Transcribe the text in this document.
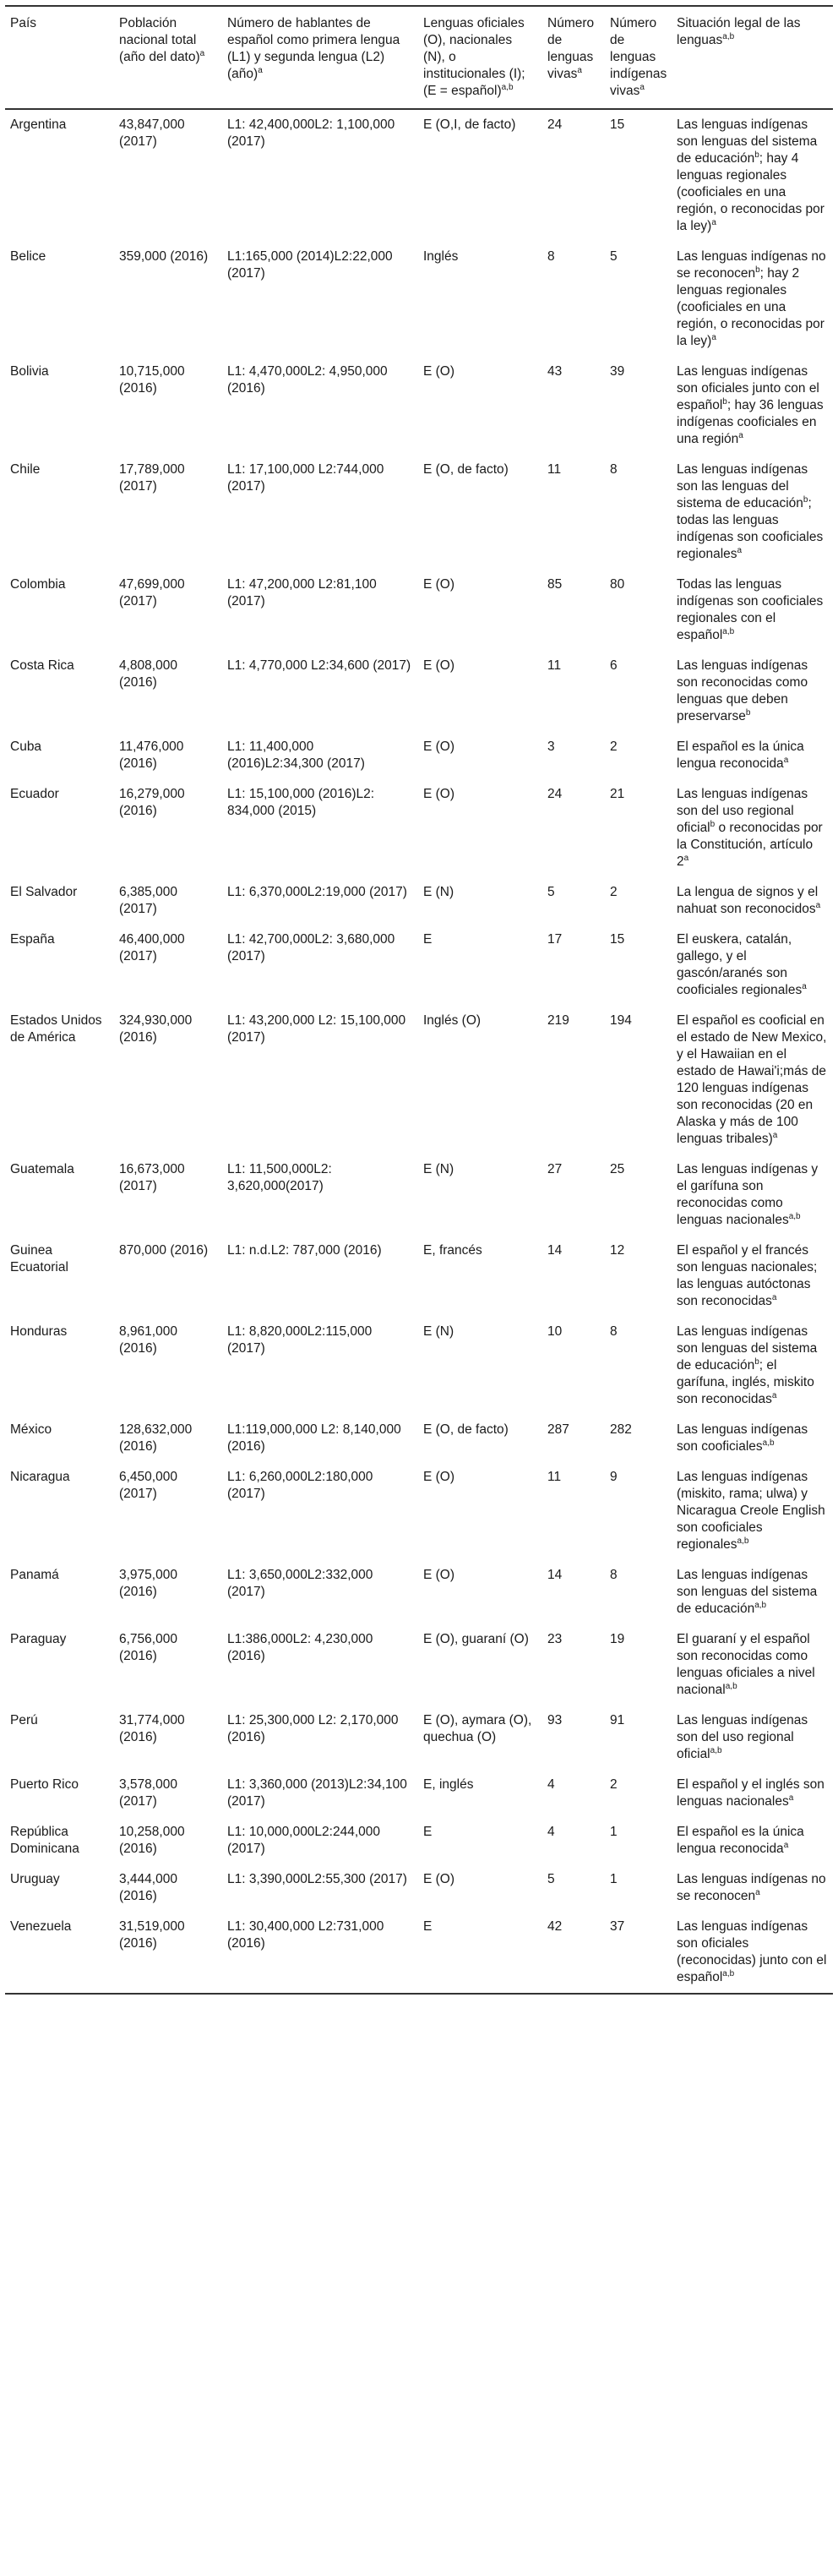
País	Población nacional total (año del dato)$^a$	Número de hablantes de español como primera lengua (L1) y segunda lengua (L2) (año)$^a$	Lenguas oficiales (O), nacionales (N), o institucionales (I); (E = español)$^{a,b}$	Número de lenguas vivas$^a$	Número de lenguas indígenas vivas$^a$	Situación legal de las lenguas$^{a,b}$
Argentina	43,847,000 (2017)	L1: 42,400,000L2: 1,100,000 (2017)	E (O,I, de facto)	24	15	Las lenguas indígenas son lenguas del sistema de educación$^b$; hay 4 lenguas regionales (cooficiales en una región, o reconocidas por la ley)$^a$
Belice	359,000 (2016)	L1:165,000 (2014)L2:22,000 (2017)	Inglés	8	5	Las lenguas indígenas no se reconocen$^b$; hay 2 lenguas regionales (cooficiales en una región, o reconocidas por la ley)$^a$
Bolivia	10,715,000 (2016)	L1: 4,470,000L2: 4,950,000 (2016)	E (O)	43	39	Las lenguas indígenas son oficiales junto con el español$^b$; hay 36 lenguas indígenas cooficiales en una región$^a$
Chile	17,789,000 (2017)	L1: 17,100,000 L2:744,000 (2017)	E (O, de facto)	11	8	Las lenguas indígenas son las lenguas del sistema de educación$^b$; todas las lenguas indígenas son cooficiales regionales$^a$
Colombia	47,699,000 (2017)	L1: 47,200,000 L2:81,100 (2017)	E (O)	85	80	Todas las lenguas indígenas son cooficiales regionales con el español$^{a,b}$
Costa Rica	4,808,000 (2016)	L1: 4,770,000 L2:34,600 (2017)	E (O)	11	6	Las lenguas indígenas son reconocidas como lenguas que deben preservarse$^b$
Cuba	11,476,000 (2016)	L1: 11,400,000 (2016)L2:34,300 (2017)	E (O)	3	2	El español es la única lengua reconocida$^a$
Ecuador	16,279,000 (2016)	L1: 15,100,000 (2016)L2: 834,000 (2015)	E (O)	24	21	Las lenguas indígenas son del uso regional oficial$^b$ o reconocidas por la Constitución, artículo 2$^a$
El Salvador	6,385,000 (2017)	L1: 6,370,000L2:19,000 (2017)	E (N)	5	2	La lengua de signos y el nahuat son reconocidos$^a$
España	46,400,000 (2017)	L1: 42,700,000L2: 3,680,000 (2017)	E	17	15	El euskera, catalán, gallego, y el gascón/aranés son cooficiales regionales$^a$
Estados Unidos de América	324,930,000 (2016)	L1: 43,200,000 L2: 15,100,000 (2017)	Inglés (O)	219	194	El español es cooficial en el estado de New Mexico, y el Hawaiian en el estado de Hawai'i;más de 120 lenguas indígenas son reconocidas (20 en Alaska y más de 100 lenguas tribales)$^a$
Guatemala	16,673,000 (2017)	L1: 11,500,000L2: 3,620,000(2017)	E (N)	27	25	Las lenguas indígenas y el garífuna son reconocidas como lenguas nacionales$^{a,b}$
Guinea Ecuatorial	870,000 (2016)	L1: n.d.L2: 787,000 (2016)	E, francés	14	12	El español y el francés son lenguas nacionales; las lenguas autóctonas son reconocidas$^a$
Honduras	8,961,000 (2016)	L1: 8,820,000L2:115,000 (2017)	E (N)	10	8	Las lenguas indígenas son lenguas del sistema de educación$^b$; el garífuna, inglés, miskito son reconocidas$^a$
México	128,632,000 (2016)	L1:119,000,000 L2: 8,140,000 (2016)	E (O, de facto)	287	282	Las lenguas indígenas son cooficiales$^{a,b}$
Nicaragua	6,450,000 (2017)	L1: 6,260,000L2:180,000 (2017)	E (O)	11	9	Las lenguas indígenas (miskito, rama; ulwa) y Nicaragua Creole English son cooficiales regionales$^{a,b}$
Panamá	3,975,000 (2016)	L1: 3,650,000L2:332,000 (2017)	E (O)	14	8	Las lenguas indígenas son lenguas del sistema de educación$^{a,b}$
Paraguay	6,756,000 (2016)	L1:386,000L2: 4,230,000 (2016)	E (O), guaraní (O)	23	19	El guaraní y el español son reconocidas como lenguas oficiales a nivel nacional$^{a,b}$
Perú	31,774,000 (2016)	L1: 25,300,000 L2: 2,170,000 (2016)	E (O), aymara (O), quechua (O)	93	91	Las lenguas indígenas son del uso regional oficial$^{a,b}$
Puerto Rico	3,578,000 (2017)	L1: 3,360,000 (2013)L2:34,100 (2017)	E, inglés	4	2	El español y el inglés son lenguas nacionales$^a$
República Dominicana	10,258,000 (2016)	L1: 10,000,000L2:244,000 (2017)	E	4	1	El español es la única lengua reconocida$^a$
Uruguay	3,444,000 (2016)	L1: 3,390,000L2:55,300 (2017)	E (O)	5	1	Las lenguas indígenas no se reconocen$^a$
Venezuela	31,519,000 (2016)	L1: 30,400,000 L2:731,000 (2016)	E	42	37	Las lenguas indígenas son oficiales (reconocidas) junto con el español$^{a,b}$
